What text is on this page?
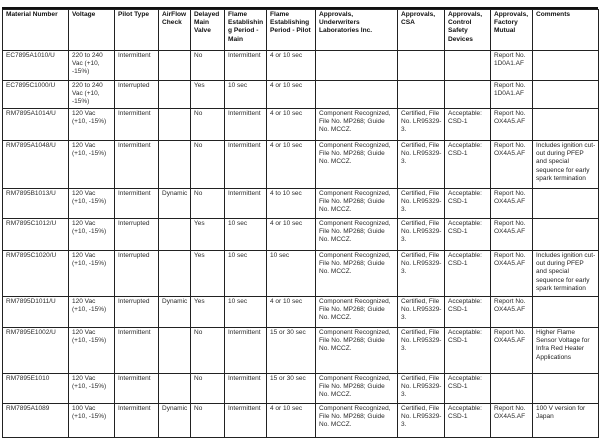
Material Number	Voltage	Pilot Type	AirFlow Check	Delayed Main Valve	Flame Establishing Period - Main	Flame Establishing Period - Pilot	Approvals, Underwriters Laboratories Inc.	Approvals, CSA	Approvals, Control Safety Devices	Approvals, Factory Mutual	Comments
EC7895A1010/U	220 to 240 Vac (+10, -15%)	Intermittent		No	Intermittent	4 or 10 sec				Report No. 1D0A1.AF	
EC7895C1000/U	220 to 240 Vac (+10, -15%)	Interrupted		Yes	10 sec	4 or 10 sec				Report No. 1D0A1.AF	
RM7895A1014/U	120 Vac (+10, -15%)	Intermittent		No	Intermittent	4 or 10 sec	Component Recognized, File No. MP268; Guide No. MCCZ.	Certified, File No. LR95329-3.	Acceptable: CSD-1	Report No. OX4A5.AF	
RM7895A1048/U	120 Vac (+10, -15%)	Intermittent		No	Intermittent	4 or 10 sec	Component Recognized, File No. MP268; Guide No. MCCZ.	Certified, File No. LR95329-3.	Acceptable: CSD-1	Report No. OX4A5.AF	Includes ignition cut-out during PFEP and special sequence for early spark termination
RM7895B1013/U	120 Vac (+10, -15%)	Intermittent	Dynamic	No	Intermittent	4 to 10 sec	Component Recognized, File No. MP268; Guide No. MCCZ.	Certified, File No. LR95329-3.	Acceptable: CSD-1	Report No. OX4A5.AF	
RM7895C1012/U	120 Vac (+10, -15%)	Interrupted		Yes	10 sec	4 or 10 sec	Component Recognized, File No. MP268; Guide No. MCCZ.	Certified, File No. LR95329-3.	Acceptable: CSD-1	Report No. OX4A5.AF	
RM7895C1020/U	120 Vac (+10, -15%)	Interrupted		Yes	10 sec	10 sec	Component Recognized, File No. MP268; Guide No. MCCZ.	Certified, File No. LR95329-3.	Acceptable: CSD-1	Report No. OX4A5.AF	Includes ignition cut-out during PFEP and special sequence for early spark termination
RM7895D1011/U	120 Vac (+10, -15%)	Interrupted	Dynamic	Yes	10 sec	4 or 10 sec	Component Recognized, File No. MP268; Guide No. MCCZ.	Certified, File No. LR95329-3.	Acceptable: CSD-1	Report No. OX4A5.AF	
RM7895E1002/U	120 Vac (+10, -15%)	Intermittent		No	Intermittent	15 or 30 sec	Component Recognized, File No. MP268; Guide No. MCCZ.	Certified, File No. LR95329-3.	Acceptable: CSD-1	Report No. OX4A5.AF	Higher Flame Sensor Voltage for Infra Red Heater Applications
RM7895E1010	120 Vac (+10, -15%)	Intermittent		No	Intermittent	15 or 30 sec	Component Recognized, File No. MP268; Guide No. MCCZ.	Certified, File No. LR95329-3.	Acceptable: CSD-1		
RM7895A1089	100 Vac (+10, -15%)	Intermittent	Dynamic	No	Intermittent	4 or 10 sec	Component Recognized, File No. MP268; Guide No. MCCZ.	Certified, File No. LR95329-3.	Acceptable: CSD-1	Report No. OX4A5.AF	100 V version for Japan
